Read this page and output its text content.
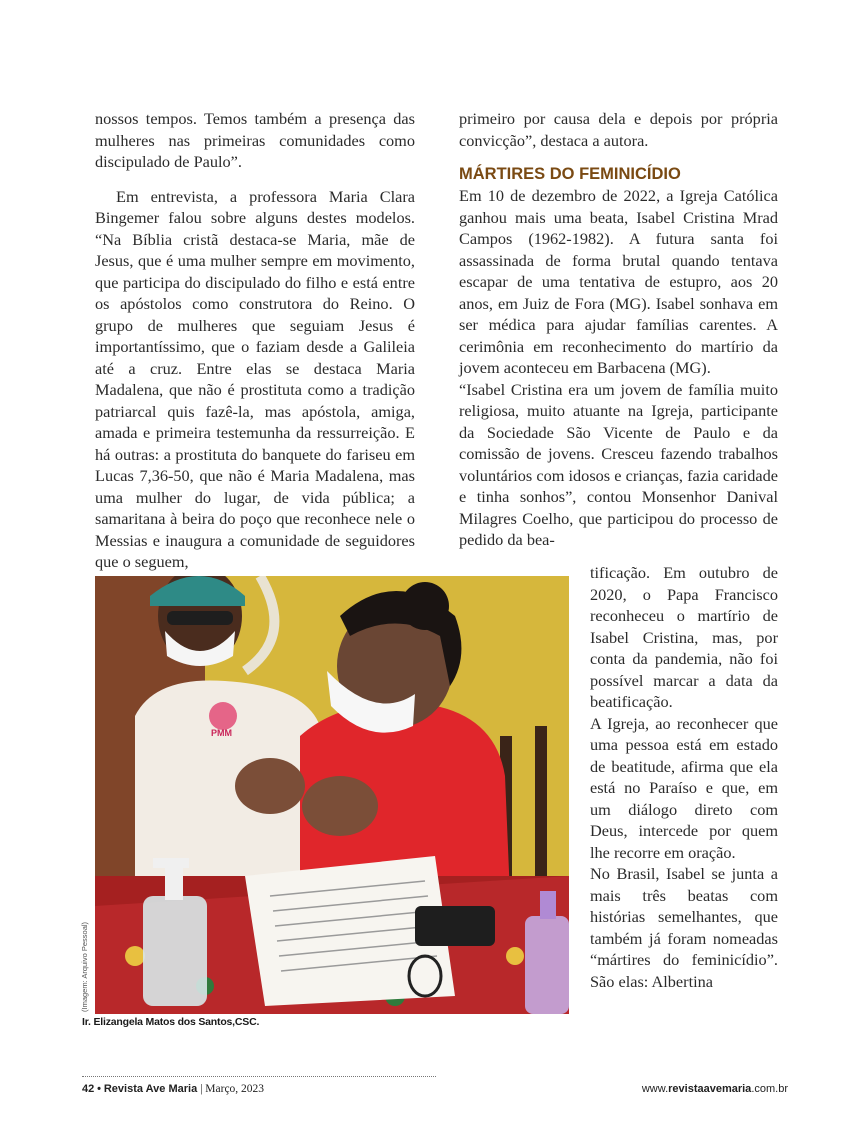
nossos tempos. Temos também a presença das mulheres nas primeiras comunidades como discipulado de Paulo”.

Em entrevista, a professora Maria Clara Bingemer falou sobre alguns destes modelos. “Na Bíblia cristã destaca-se Maria, mãe de Jesus, que é uma mulher sempre em movimento, que participa do discipulado do filho e está entre os apóstolos como construtora do Reino. O grupo de mulheres que seguiam Jesus é importantíssimo, que o faziam desde a Galileia até a cruz. Entre elas se destaca Maria Madalena, que não é prostituta como a tradição patriarcal quis fazê-la, mas apóstola, amiga, amada e primeira testemunha da ressurreição. E há outras: a prostituta do banquete do fariseu em Lucas 7,36-50, que não é Maria Madalena, mas uma mulher do lugar, de vida pública; a samaritana à beira do poço que reconhece nele o Messias e inaugura a comunidade de seguidores que o seguem,

primeiro por causa dela e depois por própria convicção”, destaca a autora.

MÁRTIRES DO FEMINICÍDIO

Em 10 de dezembro de 2022, a Igreja Católica ganhou mais uma beata, Isabel Cristina Mrad Campos (1962-1982). A futura santa foi assassinada de forma brutal quando tentava escapar de uma tentativa de estupro, aos 20 anos, em Juiz de Fora (MG). Isabel sonhava em ser médica para ajudar famílias carentes. A cerimônia em reconhecimento do martírio da jovem aconteceu em Barbacena (MG).

“Isabel Cristina era um jovem de família muito religiosa, muito atuante na Igreja, participante da Sociedade São Vicente de Paulo e da comissão de jovens. Cresceu fazendo trabalhos voluntários com idosos e crianças, fazia caridade e tinha sonhos”, contou Monsenhor Danival Milagres Coelho, que participou do processo de pedido da bea-

tificação. Em outubro de 2020, o Papa Francisco reconheceu o martírio de Isabel Cristina, mas, por conta da pandemia, não foi possível marcar a data da beatificação.

A Igreja, ao reconhecer que uma pessoa está em estado de beatitude, afirma que ela está no Paraíso e que, em um diálogo direto com Deus, intercede por quem lhe recorre em oração.

No Brasil, Isabel se junta a mais três beatas com histórias semelhantes, que também já foram nomeadas “mártires do feminicídio”. São elas: Albertina

PMM
(Imagem: Arquivo Pessoal)
Ir. Elizangela Matos dos Santos,CSC.
42 • Revista Ave Maria | Março, 2023	www.revistaavemaria.com.br
